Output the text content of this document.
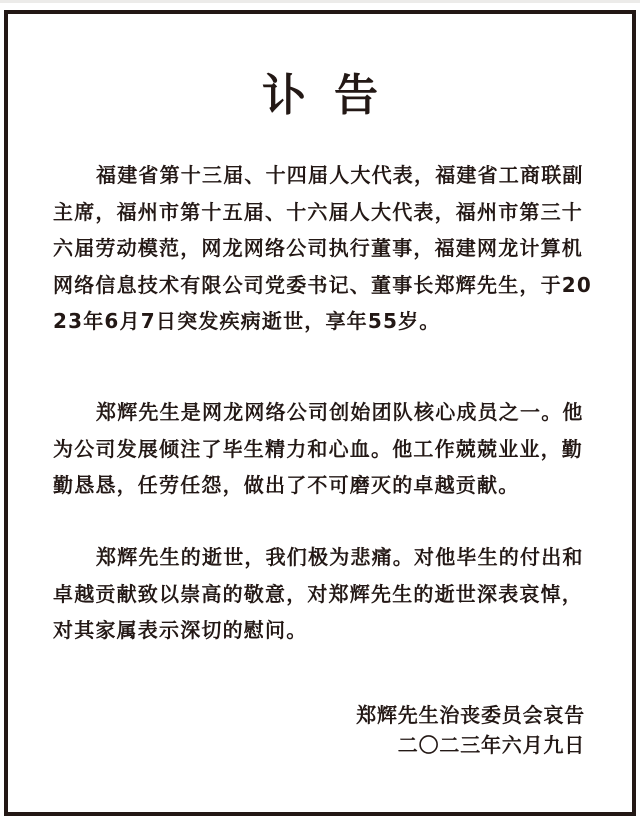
讣 告

福建省第十三届、十四届人大代表，福建省工商联副主席，福州市第十五届、十六届人大代表，福州市第三十六届劳动模范，网龙网络公司执行董事，福建网龙计算机网络信息技术有限公司党委书记、董事长郑辉先生，于2023年6月7日突发疾病逝世，享年55岁。

郑辉先生是网龙网络公司创始团队核心成员之一。他为公司发展倾注了毕生精力和心血。他工作兢兢业业，勤勤恳恳，任劳任怨，做出了不可磨灭的卓越贡献。

郑辉先生的逝世，我们极为悲痛。对他毕生的付出和卓越贡献致以崇高的敬意，对郑辉先生的逝世深表哀悼，对其家属表示深切的慰问。

郑辉先生治丧委员会哀告
二〇二三年六月九日
